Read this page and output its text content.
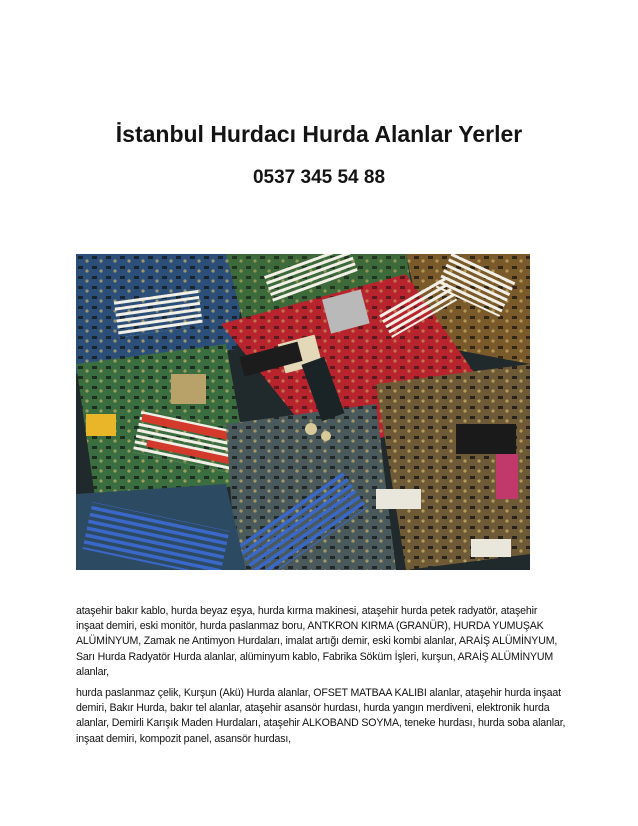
İstanbul Hurdacı Hurda Alanlar Yerler
0537 345 54 88
ataşehir bakır kablo, hurda beyaz eşya, hurda kırma makinesi, ataşehir hurda petek radyatör, ataşehir inşaat demiri, eski monitör, hurda paslanmaz boru, ANTKRON KIRMA (GRANÜR), HURDA YUMUŞAK ALÜMİNYUM, Zamak ne Antimyon Hurdaları, imalat artığı demir, eski kombi alanlar, ARAİŞ ALÜMİNYUM, Sarı Hurda Radyatör Hurda alanlar, alüminyum kablo, Fabrika Söküm İşleri, kurşun, ARAİŞ ALÜMİNYUM alanlar,
hurda paslanmaz çelik, Kurşun (Akü) Hurda alanlar, OFSET MATBAA KALIBI alanlar, ataşehir hurda inşaat demiri, Bakır Hurda, bakır tel alanlar, ataşehir asansör hurdası, hurda yangın merdiveni, elektronik hurda alanlar, Demirli Karışık Maden Hurdaları, ataşehir ALKOBAND SOYMA, teneke hurdası, hurda soba alanlar, inşaat demiri, kompozit panel, asansör hurdası,
